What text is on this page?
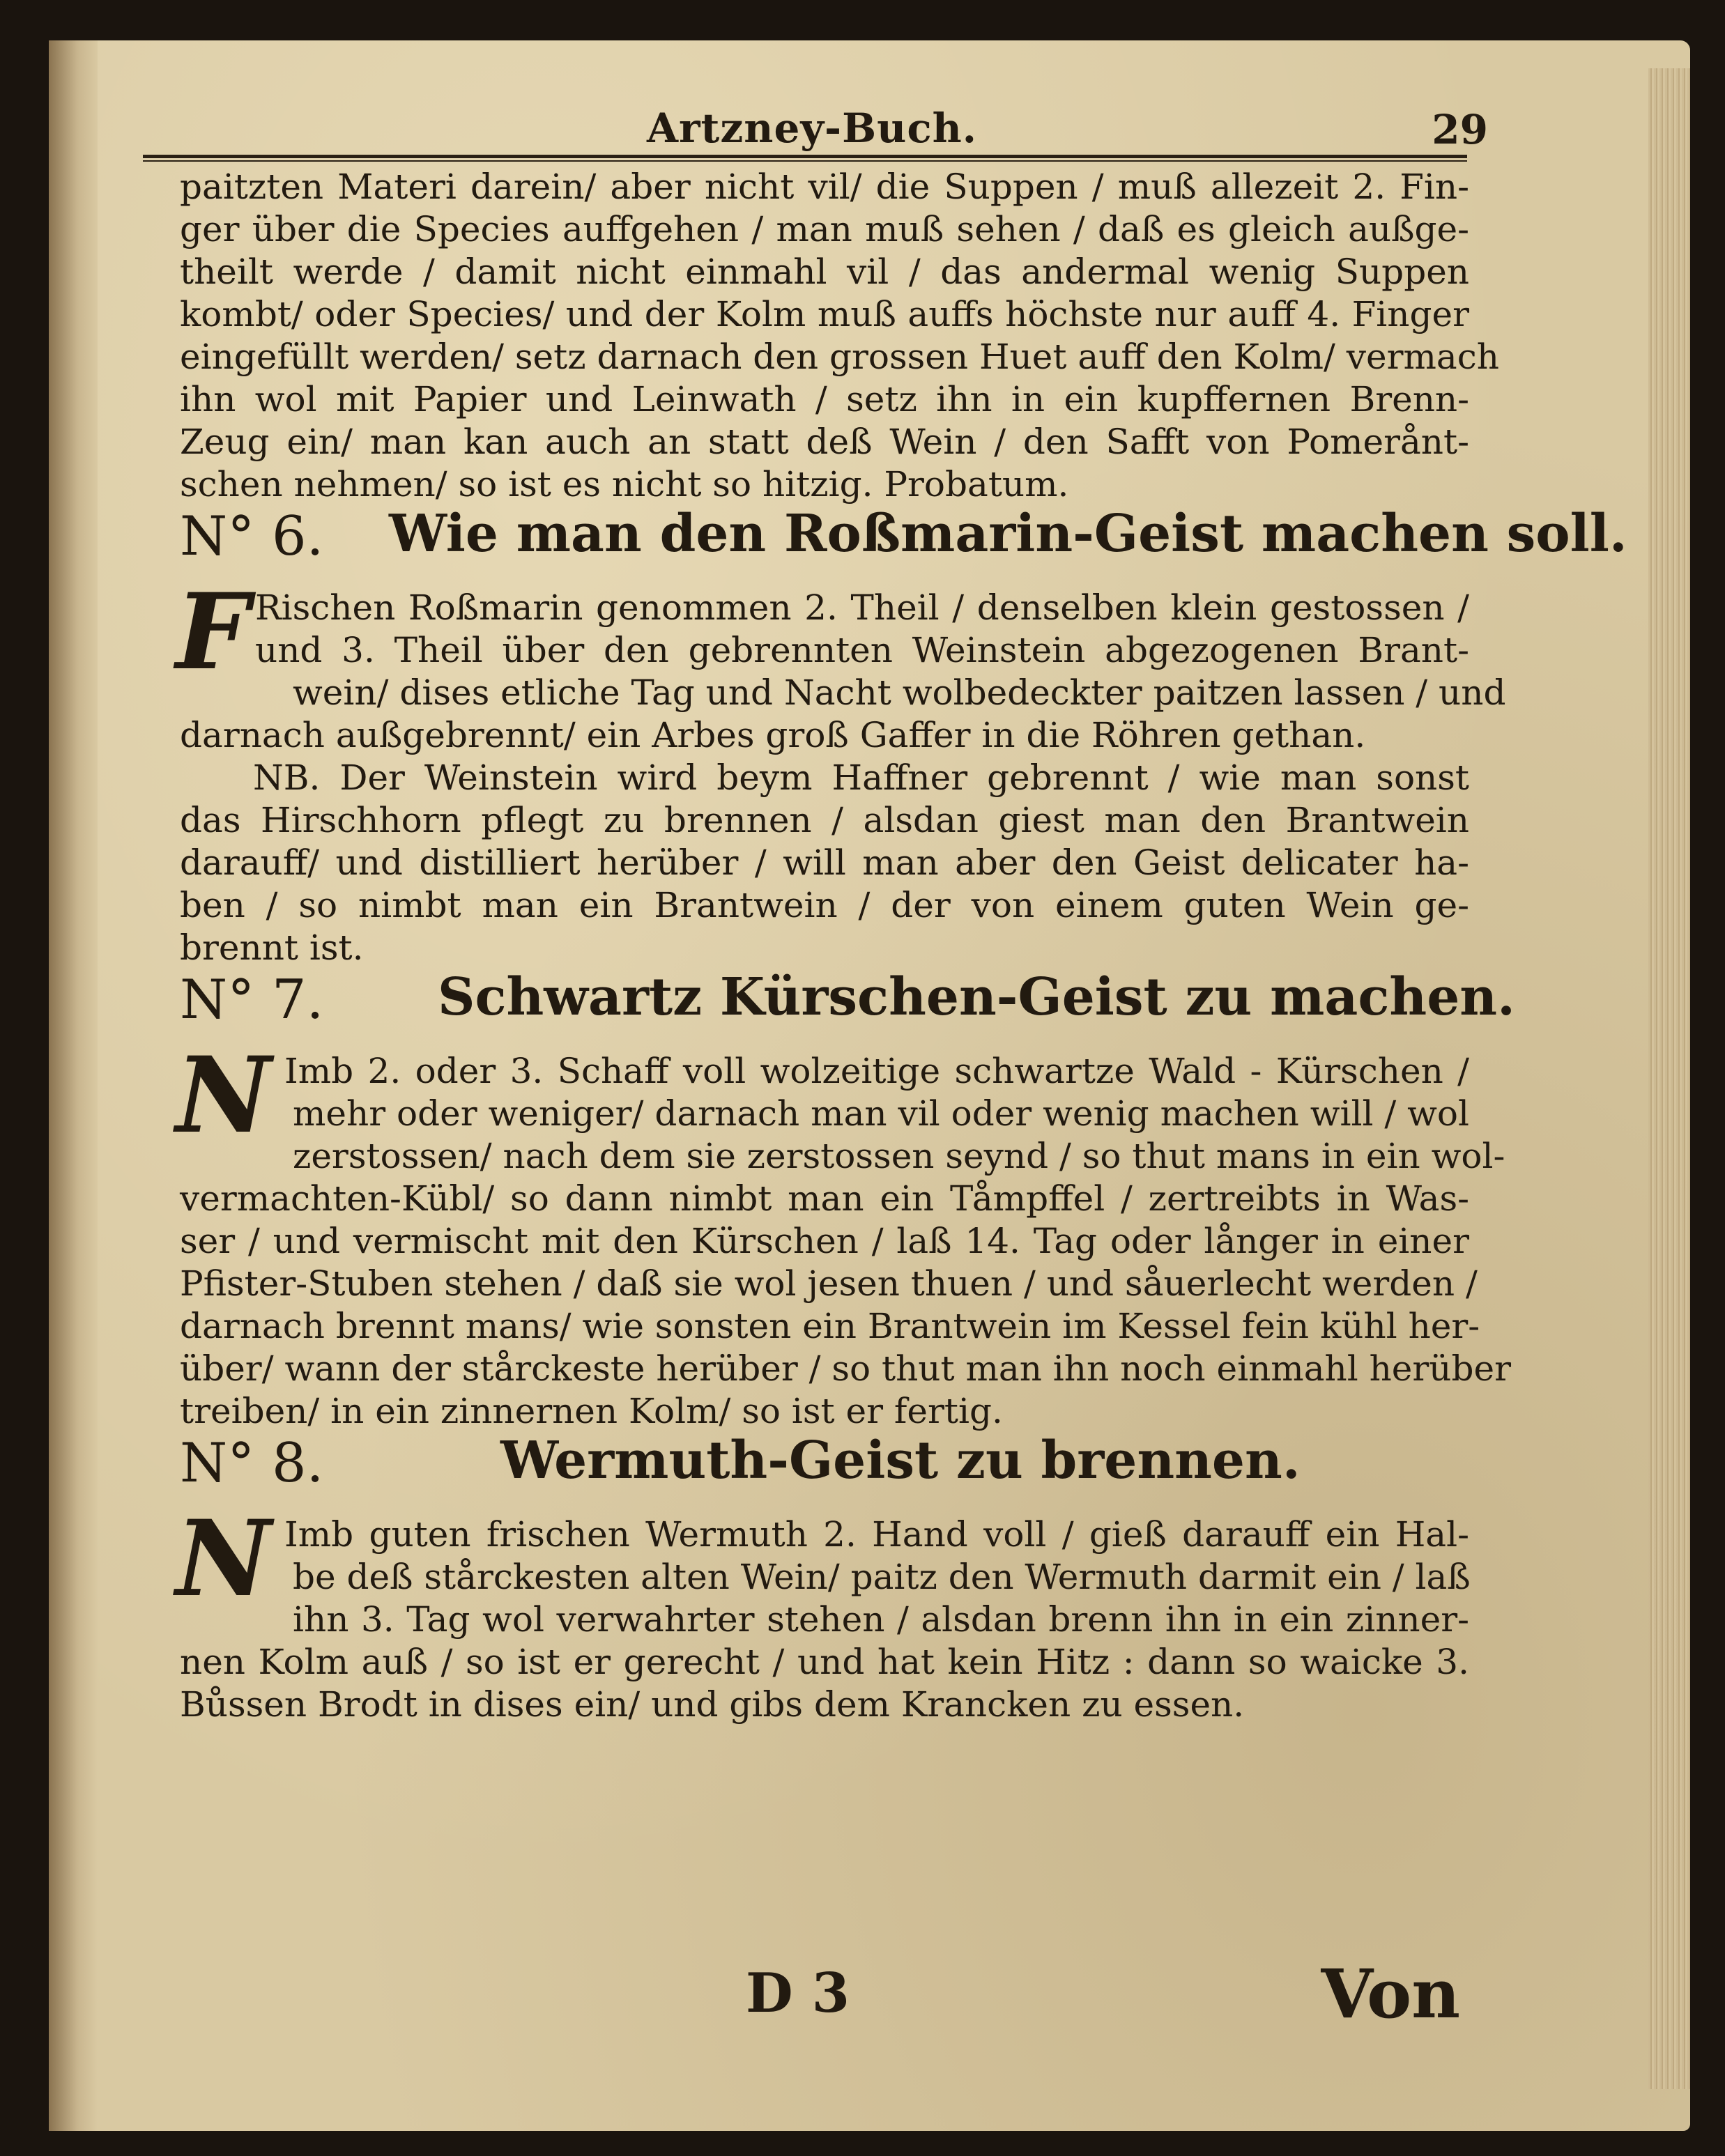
Artzney-Buch.	29
paitzten Materi darein/ aber nicht vil/ die Suppen / muß allezeit 2. Fin-
ger über die Species auffgehen / man muß sehen / daß es gleich außge-
theilt werde / damit nicht einmahl vil / das andermal wenig Suppen
kombt/ oder Species/ und der Kolm muß auffs höchste nur auff 4. Finger
eingefüllt werden/ setz darnach den grossen Huet auff den Kolm/ vermach
ihn wol mit Papier und Leinwath / setz ihn in ein kupffernen Brenn-
Zeug ein/ man kan auch an statt deß Wein / den Safft von Pomerånt-
schen nehmen/ so ist es nicht so hitzig. Probatum.
N° 6. Wie man den Roßmarin-Geist machen soll.
F Rischen Roßmarin genommen 2. Theil / denselben klein gestossen /
und 3. Theil über den gebrennten Weinstein abgezogenen Brant-
wein/ dises etliche Tag und Nacht wolbedeckter paitzen lassen / und
darnach außgebrennt/ ein Arbes groß Gaffer in die Röhren gethan.
NB. Der Weinstein wird beym Haffner gebrennt / wie man sonst
das Hirschhorn pflegt zu brennen / alsdan giest man den Brantwein
darauff/ und distilliert herüber / will man aber den Geist delicater ha-
ben / so nimbt man ein Brantwein / der von einem guten Wein ge-
brennt ist.
N° 7. Schwartz Kürschen-Geist zu machen.
N Imb 2. oder 3. Schaff voll wolzeitige schwartze Wald - Kürschen /
mehr oder weniger/ darnach man vil oder wenig machen will / wol
zerstossen/ nach dem sie zerstossen seynd / so thut mans in ein wol-
vermachten-Kübl/ so dann nimbt man ein Tåmpffel / zertreibts in Was-
ser / und vermischt mit den Kürschen / laß 14. Tag oder långer in einer
Pfister-Stuben stehen / daß sie wol jesen thuen / und såuerlecht werden /
darnach brennt mans/ wie sonsten ein Brantwein im Kessel fein kühl her-
über/ wann der stårckeste herüber / so thut man ihn noch einmahl herüber
treiben/ in ein zinnernen Kolm/ so ist er fertig.
N° 8.	Wermuth-Geist zu brennen.
N Imb guten frischen Wermuth 2. Hand voll / gieß darauff ein Hal-
be deß stårckesten alten Wein/ paitz den Wermuth darmit ein / laß
ihn 3. Tag wol verwahrter stehen / alsdan brenn ihn in ein zinner-
nen Kolm auß / so ist er gerecht / und hat kein Hitz : dann so waicke 3.
Bůssen Brodt in dises ein/ und gibs dem Krancken zu essen.
D 3	Von
